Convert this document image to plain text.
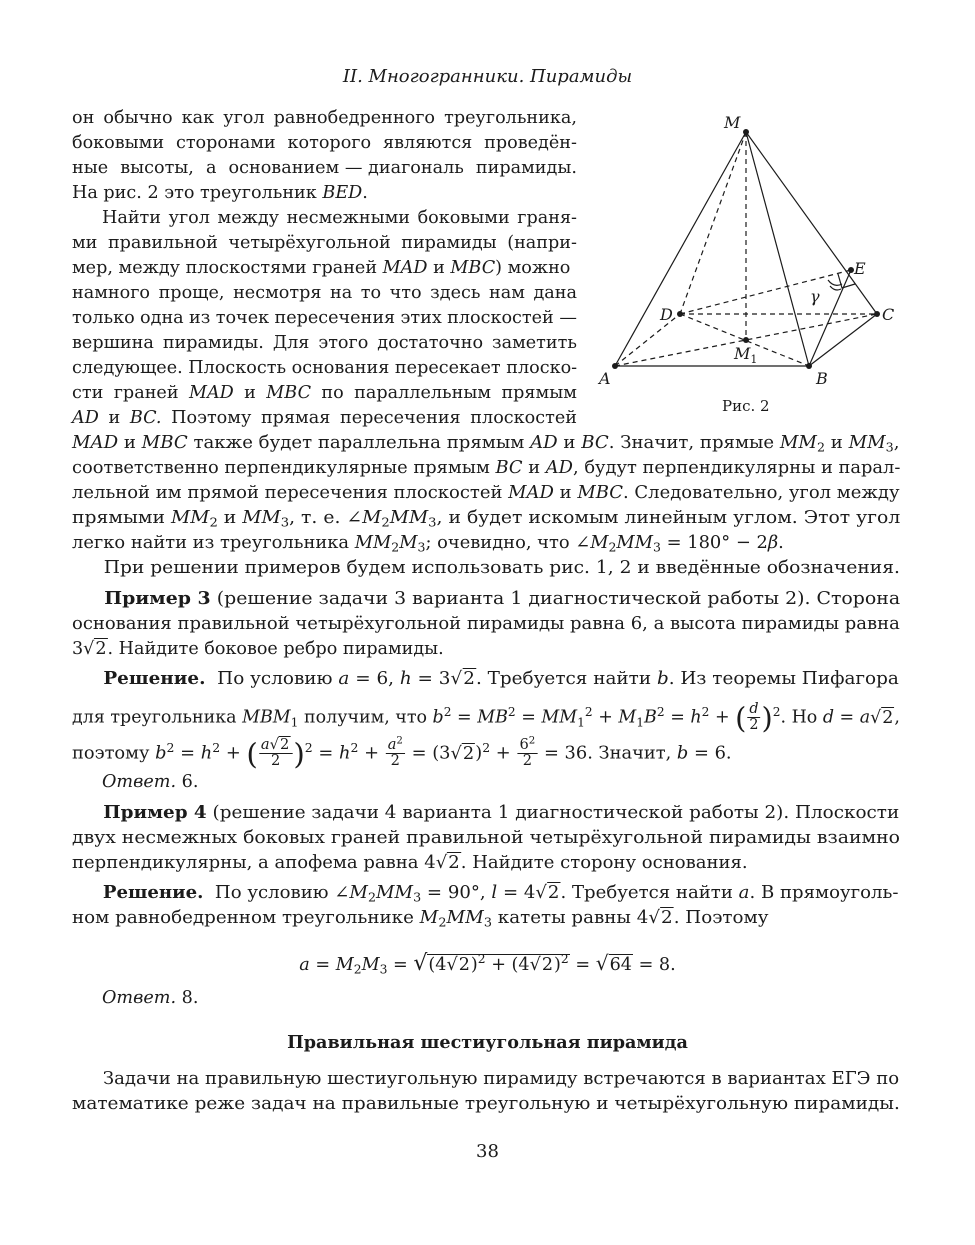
II. Многогранники. Пирамиды
он обычно как угол равнобедренного треугольника,
боковыми сторонами которого являются проведён-
ные высоты, а основанием — диагональ пирамиды.
На рис. 2 это треугольник BED.
Найти угол между несмежными боковыми граня-
ми правильной четырёхугольной пирамиды (напри-
мер, между плоскостями граней MAD и MBC) можно
намного проще, несмотря на то что здесь нам дана
только одна из точек пересечения этих плоскостей —
вершина пирамиды. Для этого достаточно заметить
следующее. Плоскость основания пересекает плоско-
сти граней MAD и MBC по параллельным прямым
AD и BC. Поэтому прямая пересечения плоскостей
M
D	C
A	B
E
$M_1$
γ
Рис. 2
MAD и MBC также будет параллельна прямым AD и BC. Значит, прямые $MM_2$ и $MM_3$,
соответственно перпендикулярные прямым BC и AD, будут перпендикулярны и парал-
лельной им прямой пересечения плоскостей MAD и MBC. Следовательно, угол между
прямыми $MM_2$ и $MM_3$, т. е. $\angle M_2MM_3$, и будет искомым линейным углом. Этот угол
легко найти из треугольника $MM_2M_3$; очевидно, что $\angle M_2MM_3 = 180^\circ - 2\beta$.
При решении примеров будем использовать рис. 1, 2 и введённые обозначения.
Пример 3 (решение задачи 3 варианта 1 диагностической работы 2). Сторона
основания правильной четырёхугольной пирамиды равна 6, а высота пирамиды равна
3√2. Найдите боковое ребро пирамиды.
Решение. По условию a = 6, h = 3√2. Требуется найти b. Из теоремы Пифагора
для треугольника $MBM_1$ получим, что $b^2 = MB^2 = MM_1^2 + M_1B^2 = h^2$ + ( $\frac{d}{2} )^2$. Но d = a√2,
поэтому $b^2 = h^2$ + ( $\frac{a√2}{2} )^2 = h^2 + \frac{a^2}{2} = (3√2)^2 + \frac{6^2}{2} = 36$. Значит, b = 6.
Ответ. 6.
Пример 4 (решение задачи 4 варианта 1 диагностической работы 2). Плоскости
двух несмежных боковых граней правильной четырёхугольной пирамиды взаимно
перпендикулярны, а апофема равна 4√2. Найдите сторону основания.
Решение. По условию $\angle M_2MM_3 = 90^\circ$, l = 4√2. Требуется найти a. В прямоуголь-
ном равнобедренном треугольнике $M_2MM_3$ катеты равны 4√2. Поэтому
$a = M_2M_3 = √(4√2)^2 + (4√2)^2 = √64 = 8$.
Ответ. 8.
Правильная шестиугольная пирамида
Задачи на правильную шестиугольную пирамиду встречаются в вариантах ЕГЭ по
математике реже задач на правильные треугольную и четырёхугольную пирамиды.
38
